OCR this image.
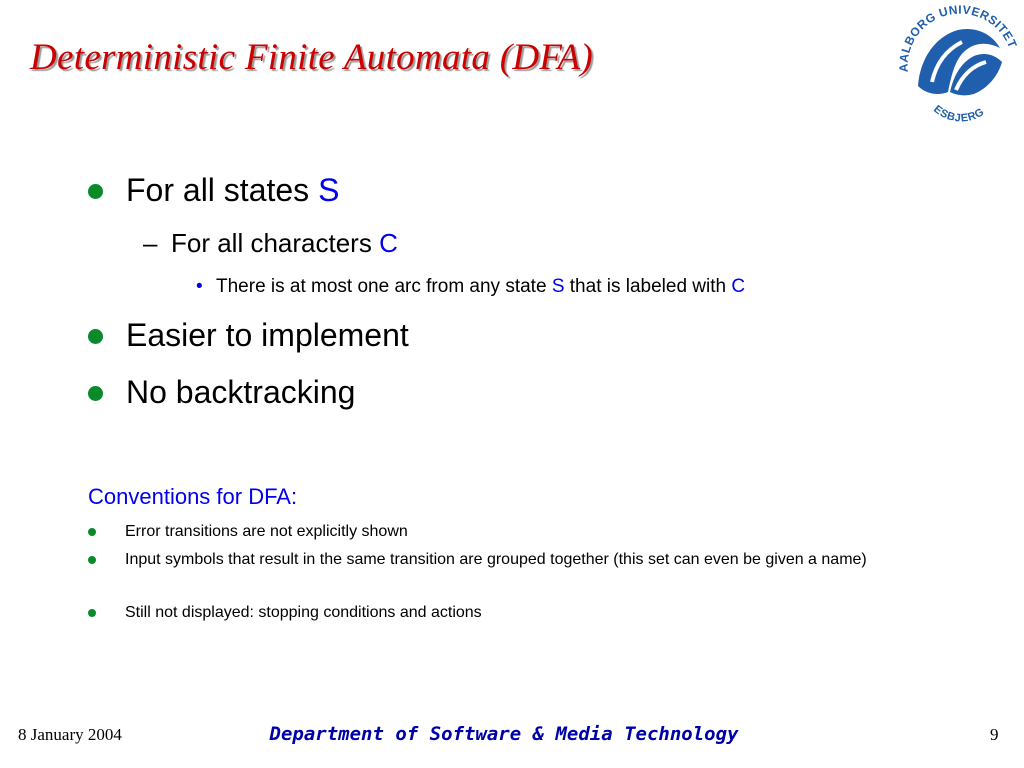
Deterministic Finite Automata (DFA)	AALBORG UNIVERSITET
ESBJERG
For all states S
– For all characters C
• There is at most one arc from any state S that is labeled with C
Easier to implement
No backtracking
Conventions for DFA:
Error transitions are not explicitly shown
Input symbols that result in the same transition are grouped together (this set can even be given a name)
Still not displayed: stopping conditions and actions
8 January 2004	Department of Software & Media Technology	9
